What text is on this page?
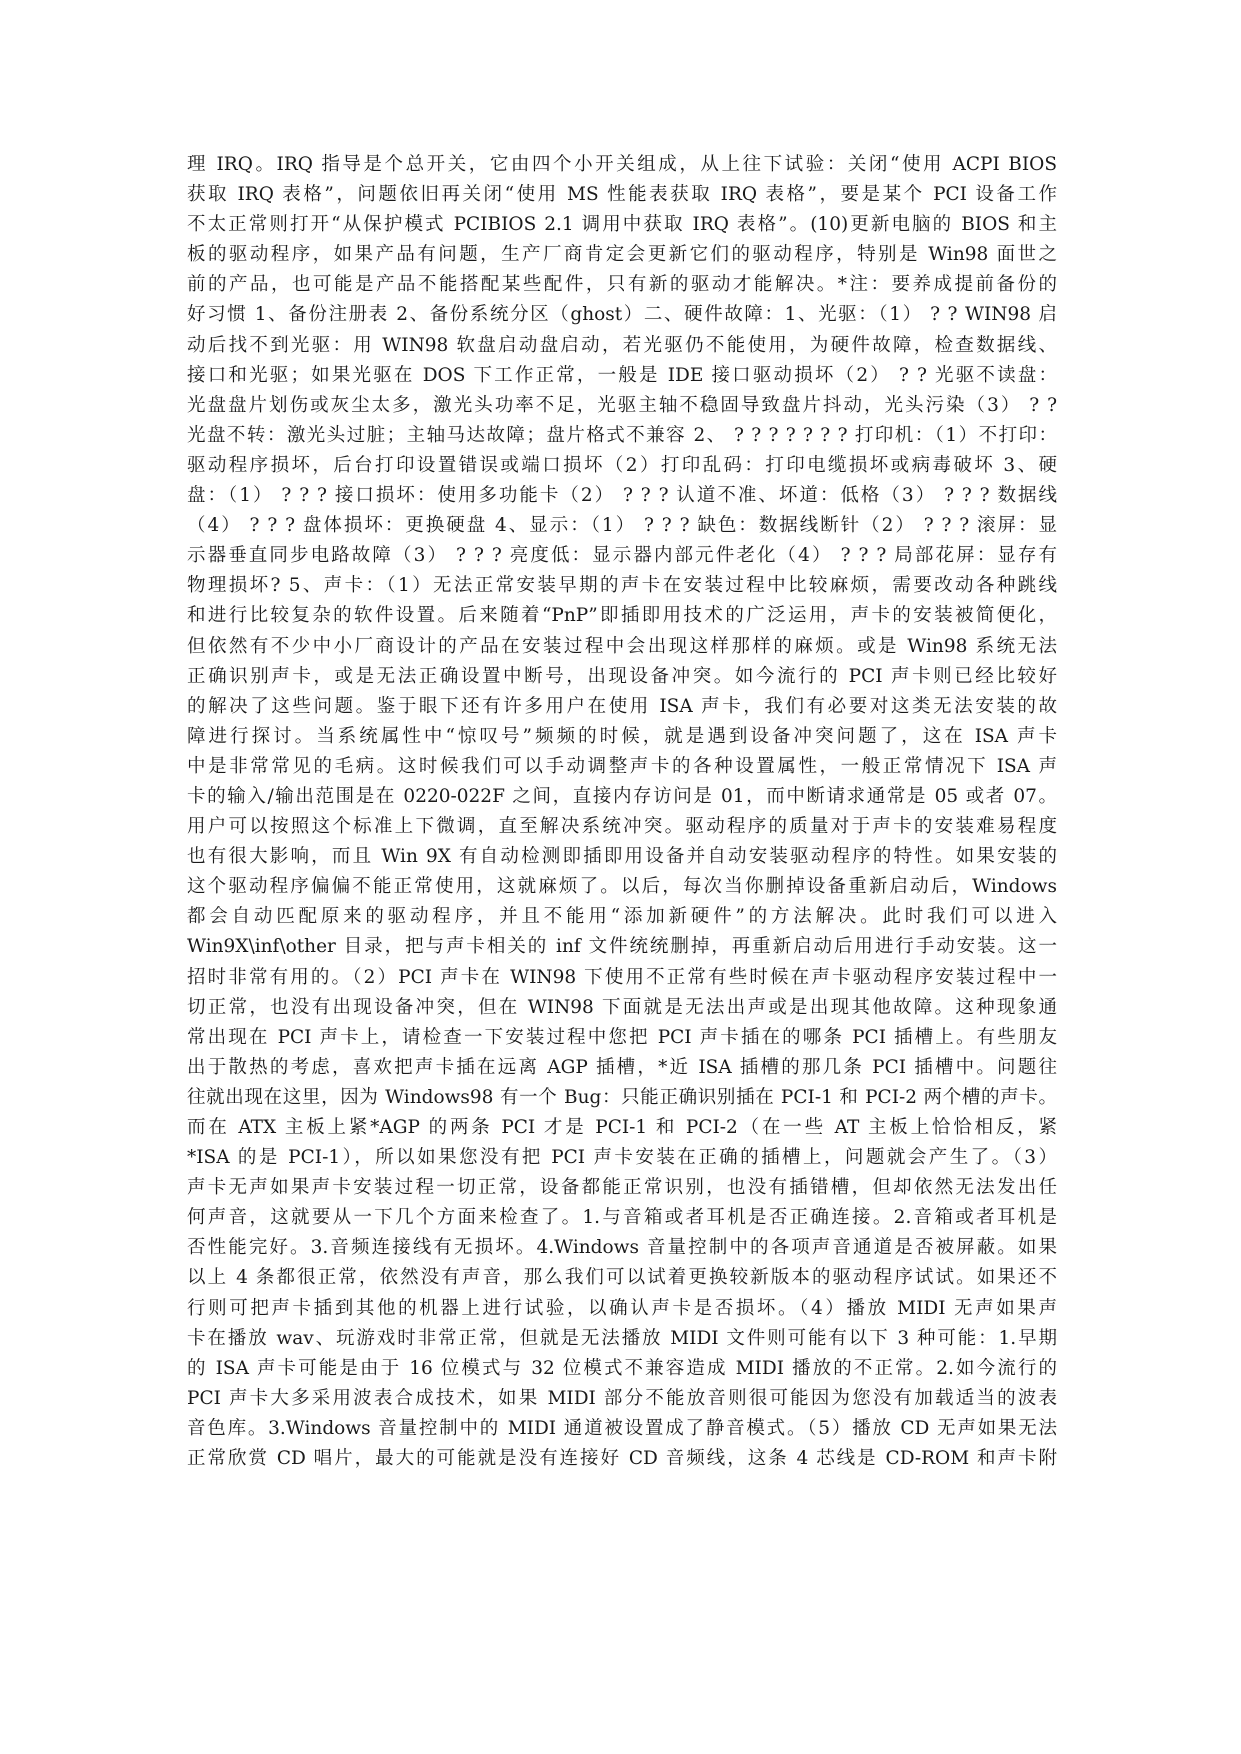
理 IRQ。IRQ 指导是个总开关，它由四个小开关组成，从上往下试验：关闭“使用 ACPI BIOS
获取 IRQ 表格”，问题依旧再关闭“使用 MS 性能表获取 IRQ 表格”，要是某个 PCI 设备工作
不太正常则打开“从保护模式 PCIBIOS 2.1 调用中获取 IRQ 表格”。(10)更新电脑的 BIOS 和主
板的驱动程序，如果产品有问题，生产厂商肯定会更新它们的驱动程序，特别是 Win98 面世之
前的产品，也可能是产品不能搭配某些配件，只有新的驱动才能解决。*注：要养成提前备份的
好习惯 1、备份注册表 2、备份系统分区（ghost）二、硬件故障：1、光驱：（1） ? ? WIN98 启
动后找不到光驱：用 WIN98 软盘启动盘启动，若光驱仍不能使用，为硬件故障，检查数据线、
接口和光驱；如果光驱在 DOS 下工作正常，一般是 IDE 接口驱动损坏（2） ? ? 光驱不读盘：
光盘盘片划伤或灰尘太多，激光头功率不足，光驱主轴不稳固导致盘片抖动，光头污染（3） ? ?
光盘不转：激光头过脏；主轴马达故障；盘片格式不兼容 2、 ? ? ? ? ? ? ? 打印机：（1）不打印：
驱动程序损坏，后台打印设置错误或端口损坏（2）打印乱码：打印电缆损坏或病毒破坏 3、硬
盘：（1） ? ? ? 接口损坏：使用多功能卡（2） ? ? ? 认道不准、坏道：低格（3） ? ? ? 数据线
（4） ? ? ? 盘体损坏：更换硬盘 4、显示：（1） ? ? ? 缺色：数据线断针（2） ? ? ? 滚屏：显
示器垂直同步电路故障（3） ? ? ? 亮度低：显示器内部元件老化（4） ? ? ? 局部花屏：显存有
物理损坏? 5、声卡：（1）无法正常安装早期的声卡在安装过程中比较麻烦，需要改动各种跳线
和进行比较复杂的软件设置。后来随着“PnP”即插即用技术的广泛运用，声卡的安装被简便化，
但依然有不少中小厂商设计的产品在安装过程中会出现这样那样的麻烦。或是 Win98 系统无法
正确识别声卡，或是无法正确设置中断号，出现设备冲突。如今流行的 PCI 声卡则已经比较好
的解决了这些问题。鉴于眼下还有许多用户在使用 ISA 声卡，我们有必要对这类无法安装的故
障进行探讨。当系统属性中“惊叹号”频频的时候，就是遇到设备冲突问题了，这在 ISA 声卡
中是非常常见的毛病。这时候我们可以手动调整声卡的各种设置属性，一般正常情况下 ISA 声
卡的输入/输出范围是在 0220-022F 之间，直接内存访问是 01，而中断请求通常是 05 或者 07。
用户可以按照这个标准上下微调，直至解决系统冲突。驱动程序的质量对于声卡的安装难易程度
也有很大影响，而且 Win 9X 有自动检测即插即用设备并自动安装驱动程序的特性。如果安装的
这个驱动程序偏偏不能正常使用，这就麻烦了。以后，每次当你删掉设备重新启动后，Windows
都会自动匹配原来的驱动程序，并且不能用“添加新硬件”的方法解决。此时我们可以进入
Win9X\inf\other 目录，把与声卡相关的 inf 文件统统删掉，再重新启动后用进行手动安装。这一
招时非常有用的。（2）PCI 声卡在 WIN98 下使用不正常有些时候在声卡驱动程序安装过程中一
切正常，也没有出现设备冲突，但在 WIN98 下面就是无法出声或是出现其他故障。这种现象通
常出现在 PCI 声卡上，请检查一下安装过程中您把 PCI 声卡插在的哪条 PCI 插槽上。有些朋友
出于散热的考虑，喜欢把声卡插在远离 AGP 插槽，*近 ISA 插槽的那几条 PCI 插槽中。问题往
往就出现在这里，因为 Windows98 有一个 Bug：只能正确识别插在 PCI-1 和 PCI-2 两个槽的声卡。
而在 ATX 主板上紧*AGP 的两条 PCI 才是 PCI-1 和 PCI-2（在一些 AT 主板上恰恰相反，紧
*ISA 的是 PCI-1），所以如果您没有把 PCI 声卡安装在正确的插槽上，问题就会产生了。（3）
声卡无声如果声卡安装过程一切正常，设备都能正常识别，也没有插错槽，但却依然无法发出任
何声音，这就要从一下几个方面来检查了。1.与音箱或者耳机是否正确连接。2.音箱或者耳机是
否性能完好。3.音频连接线有无损坏。4.Windows 音量控制中的各项声音通道是否被屏蔽。如果
以上 4 条都很正常，依然没有声音，那么我们可以试着更换较新版本的驱动程序试试。如果还不
行则可把声卡插到其他的机器上进行试验，以确认声卡是否损坏。（4）播放 MIDI 无声如果声
卡在播放 wav、玩游戏时非常正常，但就是无法播放 MIDI 文件则可能有以下 3 种可能：1.早期
的 ISA 声卡可能是由于 16 位模式与 32 位模式不兼容造成 MIDI 播放的不正常。2.如今流行的
PCI 声卡大多采用波表合成技术，如果 MIDI 部分不能放音则很可能因为您没有加载适当的波表
音色库。3.Windows 音量控制中的 MIDI 通道被设置成了静音模式。（5）播放 CD 无声如果无法
正常欣赏 CD 唱片，最大的可能就是没有连接好 CD 音频线，这条 4 芯线是 CD-ROM 和声卡附
